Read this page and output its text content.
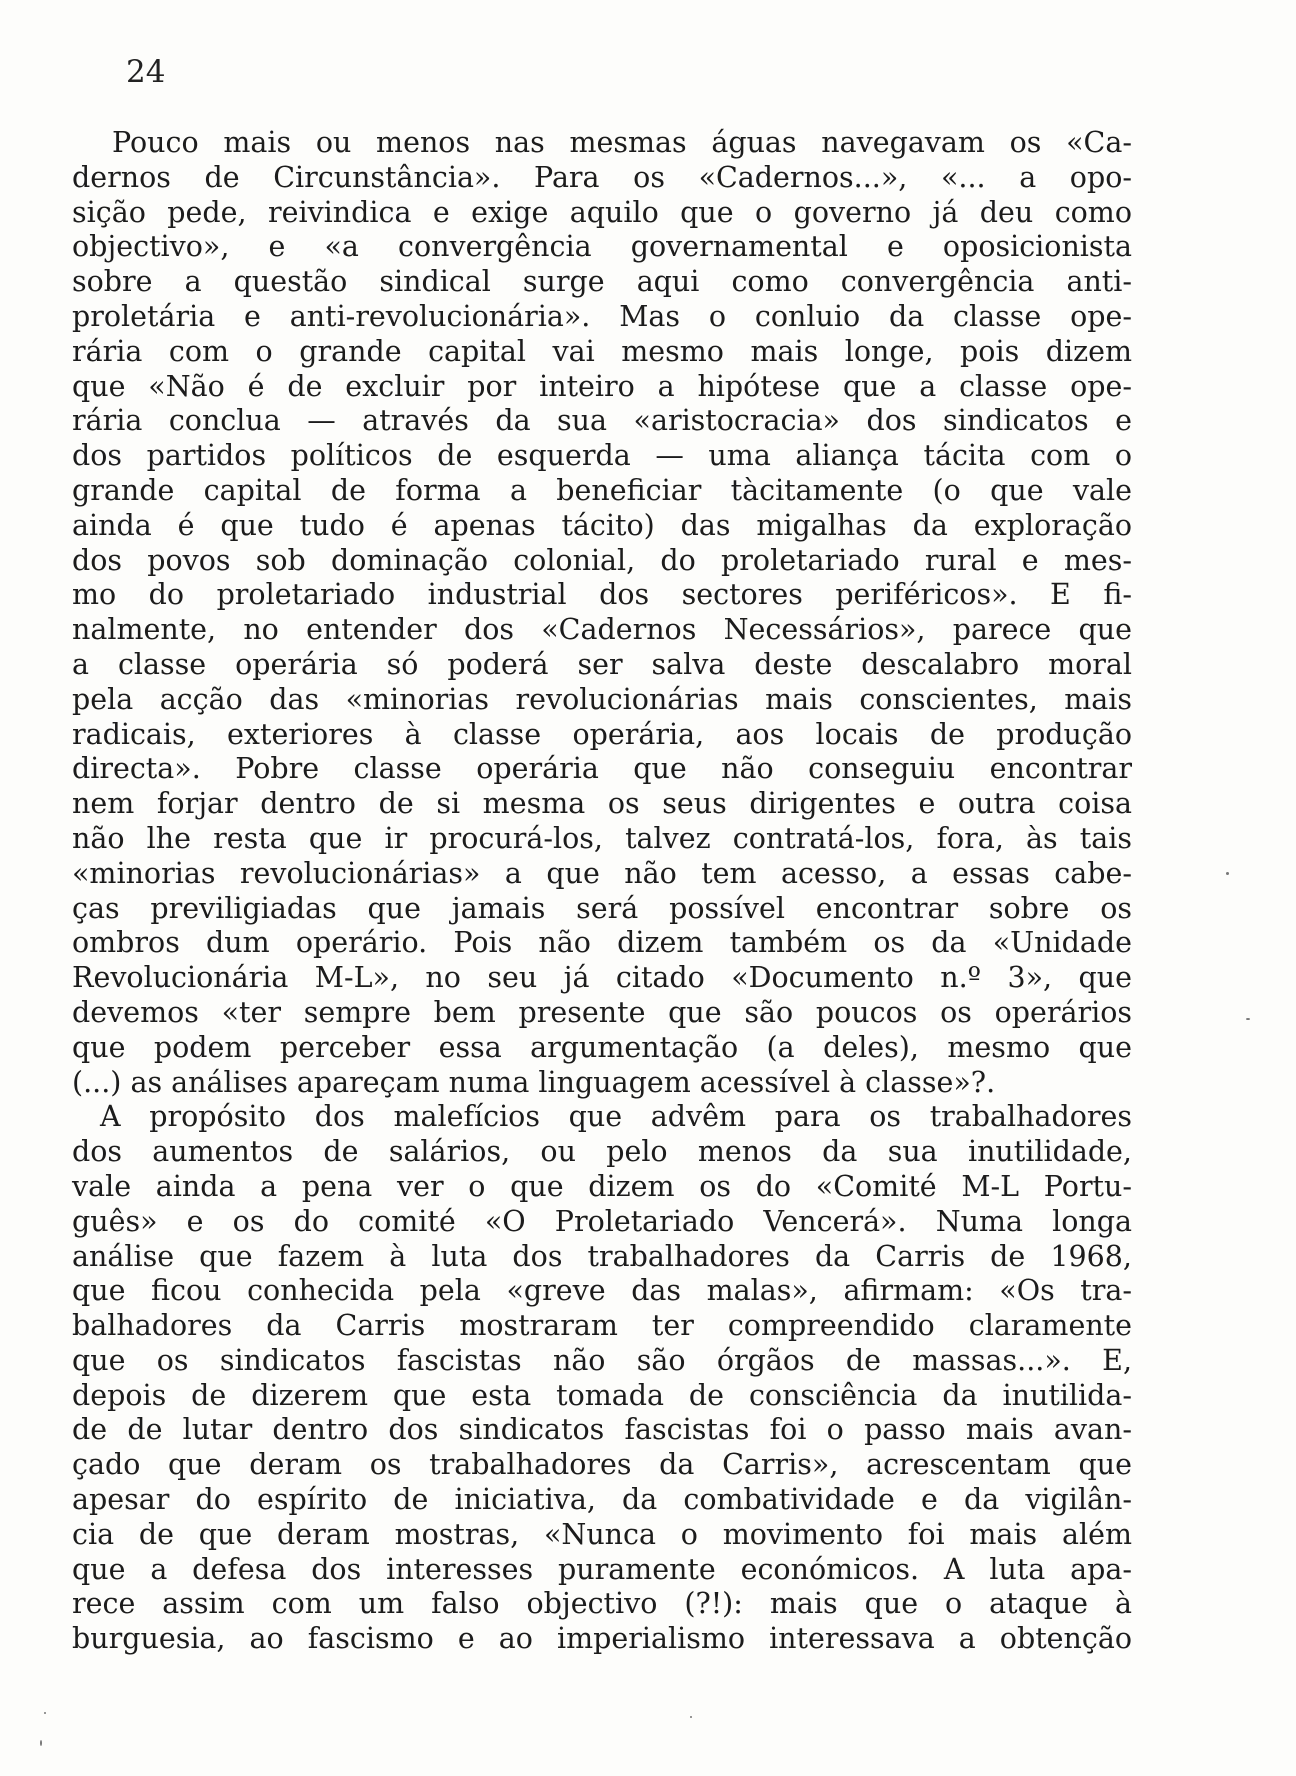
24
Pouco mais ou menos nas mesmas águas navegavam os «Ca-
dernos de Circunstância». Para os «Cadernos...», «... a opo-
sição pede, reivindica e exige aquilo que o governo já deu como
objectivo», e «a convergência governamental e oposicionista
sobre a questão sindical surge aqui como convergência anti-
proletária e anti-revolucionária». Mas o conluio da classe ope-
rária com o grande capital vai mesmo mais longe, pois dizem
que «Não é de excluir por inteiro a hipótese que a classe ope-
rária conclua — através da sua «aristocracia» dos sindicatos e
dos partidos políticos de esquerda — uma aliança tácita com o
grande capital de forma a beneficiar tàcitamente (o que vale
ainda é que tudo é apenas tácito) das migalhas da exploração
dos povos sob dominação colonial, do proletariado rural e mes-
mo do proletariado industrial dos sectores periféricos». E fi-
nalmente, no entender dos «Cadernos Necessários», parece que
a classe operária só poderá ser salva deste descalabro moral
pela acção das «minorias revolucionárias mais conscientes, mais
radicais, exteriores à classe operária, aos locais de produção
directa». Pobre classe operária que não conseguiu encontrar
nem forjar dentro de si mesma os seus dirigentes e outra coisa
não lhe resta que ir procurá-los, talvez contratá-los, fora, às tais
«minorias revolucionárias» a que não tem acesso, a essas cabe-
ças previligiadas que jamais será possível encontrar sobre os
ombros dum operário. Pois não dizem também os da «Unidade
Revolucionária M-L», no seu já citado «Documento n.º 3», que
devemos «ter sempre bem presente que são poucos os operários
que podem perceber essa argumentação (a deles), mesmo que
(...) as análises apareçam numa linguagem acessível à classe»?.
A propósito dos malefícios que advêm para os trabalhadores
dos aumentos de salários, ou pelo menos da sua inutilidade,
vale ainda a pena ver o que dizem os do «Comité M-L Portu-
guês» e os do comité «O Proletariado Vencerá». Numa longa
análise que fazem à luta dos trabalhadores da Carris de 1968,
que ficou conhecida pela «greve das malas», afirmam: «Os tra-
balhadores da Carris mostraram ter compreendido claramente
que os sindicatos fascistas não são órgãos de massas...». E,
depois de dizerem que esta tomada de consciência da inutilida-
de de lutar dentro dos sindicatos fascistas foi o passo mais avan-
çado que deram os trabalhadores da Carris», acrescentam que
apesar do espírito de iniciativa, da combatividade e da vigilân-
cia de que deram mostras, «Nunca o movimento foi mais além
que a defesa dos interesses puramente económicos. A luta apa-
rece assim com um falso objectivo (?!): mais que o ataque à
burguesia, ao fascismo e ao imperialismo interessava a obtenção
